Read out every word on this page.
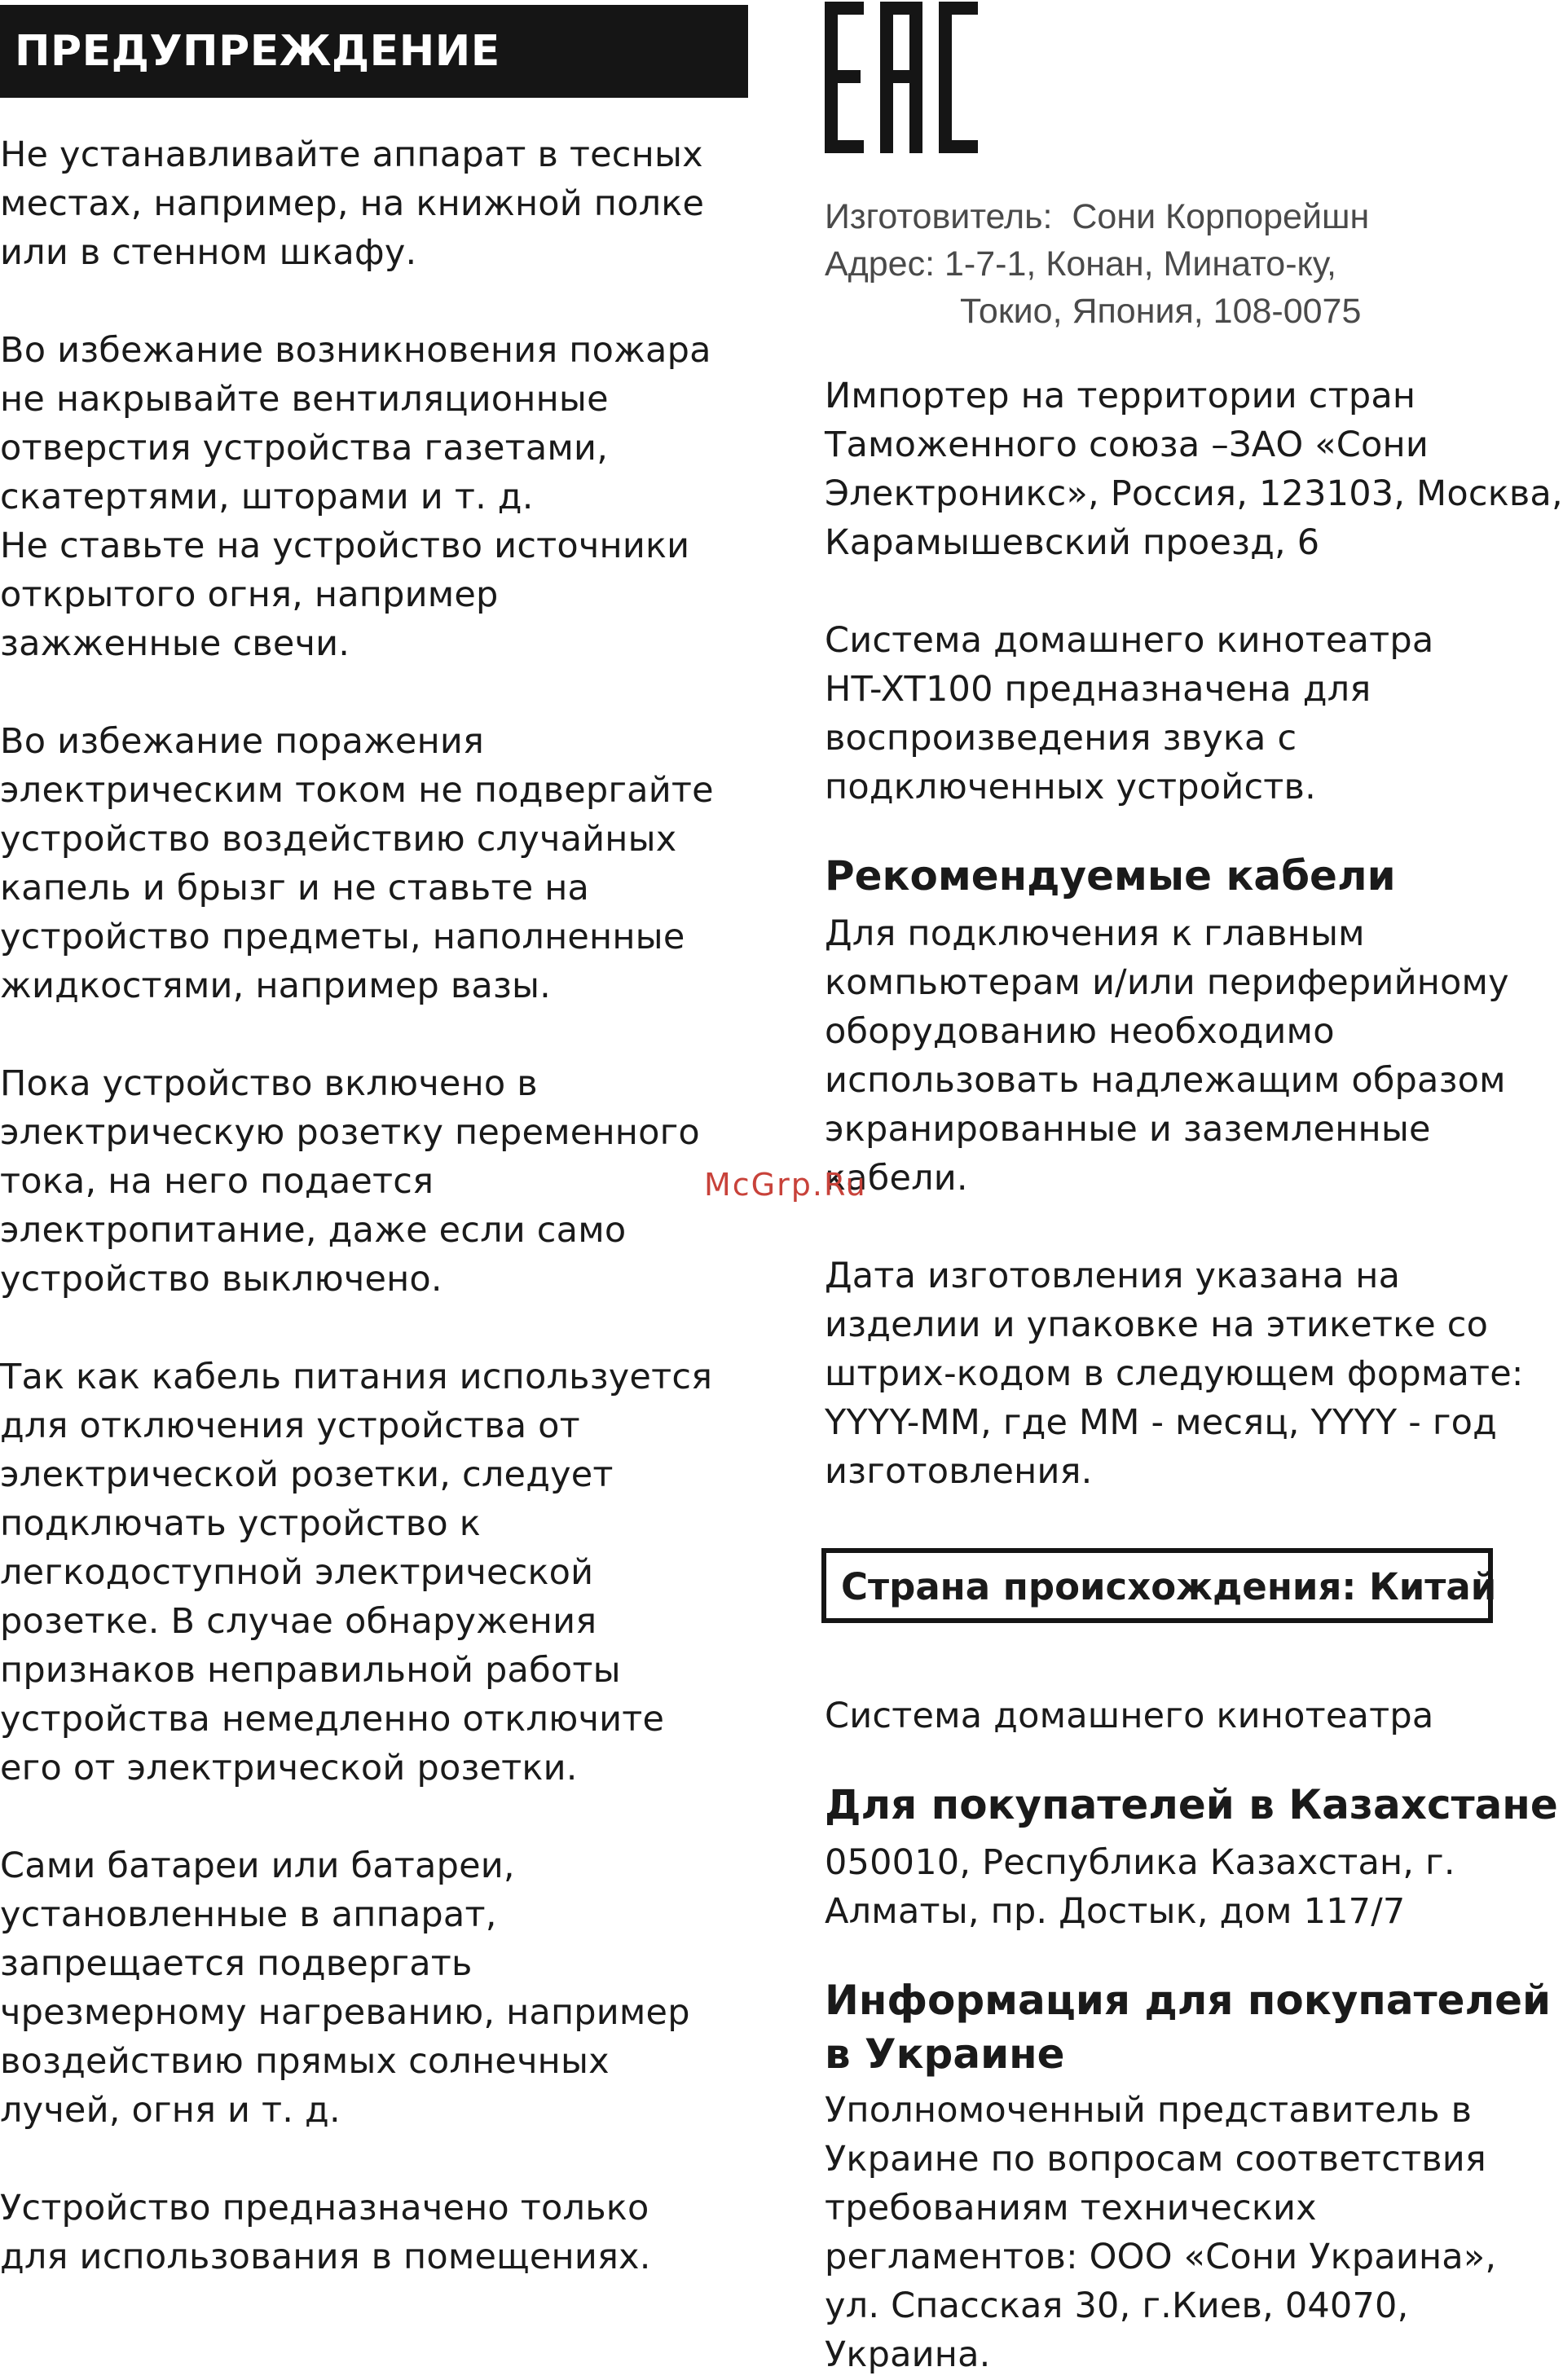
ПРЕДУПРЕЖДЕНИЕ

Не устанавливайте аппарат в тесных
местах, например, на книжной полке
или в стенном шкафу.

Во избежание возникновения пожара
не накрывайте вентиляционные
отверстия устройства газетами,
скатертями, шторами и т. д.
Не ставьте на устройство источники
открытого огня, например
зажженные свечи.

Во избежание поражения
электрическим током не подвергайте
устройство воздействию случайных
капель и брызг и не ставьте на
устройство предметы, наполненные
жидкостями, например вазы.

Пока устройство включено в
электрическую розетку переменного
тока, на него подается
электропитание, даже если само
устройство выключено.

Так как кабель питания используется
для отключения устройства от
электрической розетки, следует
подключать устройство к
легкодоступной электрической
розетке. В случае обнаружения
признаков неправильной работы
устройства немедленно отключите
его от электрической розетки.

Сами батареи или батареи,
установленные в аппарат,
запрещается подвергать
чрезмерному нагреванию, например
воздействию прямых солнечных
лучей, огня и т. д.

Устройство предназначено только
для использования в помещениях.

Изготовитель:  Сони Корпорейшн

Адрес: 1-7-1, Конан, Минато-ку,

Токио, Япония, 108-0075

Импортер на территории стран
Таможенного союза –ЗАО «Сони
Электроникс», Россия, 123103, Москва,
Карамышевский проезд, 6

Система домашнего кинотеатра
HT-XT100 предназначена для
воспроизведения звука с
подключенных устройств.

Рекомендуемые кабели

Для подключения к главным
компьютерам и/или периферийному
оборудованию необходимо
использовать надлежащим образом
экранированные и заземленные
кабели.

Дата изготовления указана на
изделии и упаковке на этикетке со
штрих-кодом в следующем формате:
YYYY-MM, где MM - месяц, YYYY - год
изготовления.

Страна происхождения: Китай

Система домашнего кинотеатра

Для покупателей в Казахстане

050010, Республика Казахстан, г.
Алматы, пр. Достык, дом 117/7

Информация для покупателей
в Украине

Уполномоченный представитель в
Украине по вопросам соответствия
требованиям технических
регламентов: ООО «Сони Украина»,
ул. Спасская 30, г.Киев, 04070,
Украина.

McGrp.Ru
